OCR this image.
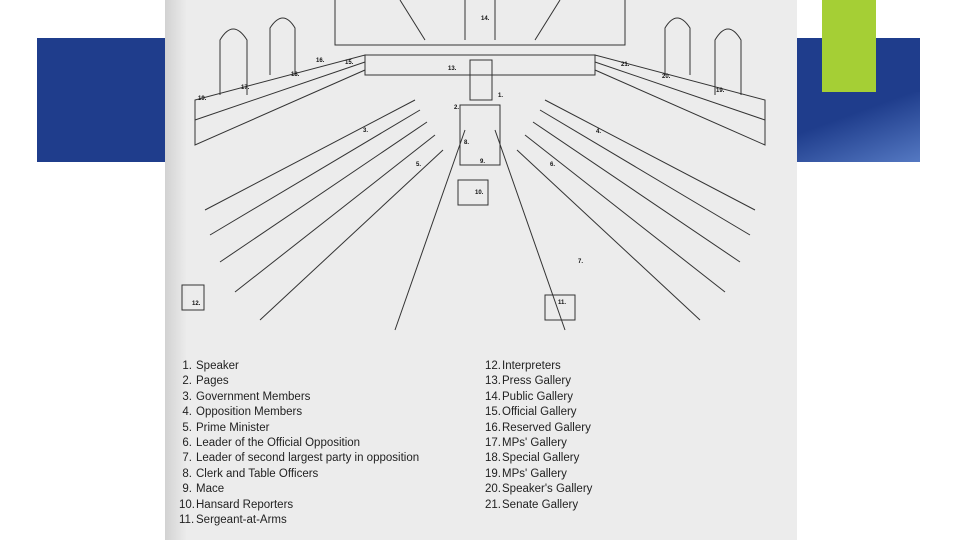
14.
13.
15.
16.
18.
17.
19.
21.
20.
19.
1.
2.
3.	4.
5.	6.
8.
9.
10.
7.
11.
12.
1. Speaker
2. Pages
3. Government Members
4. Opposition Members
5. Prime Minister
6. Leader of the Official Opposition
7. Leader of second largest party in opposition
8. Clerk and Table Officers
9. Mace
10.Hansard Reporters
11. Sergeant-at-Arms
12.Interpreters
13.Press Gallery
14.Public Gallery
15.Official Gallery
16.Reserved Gallery
17.MPs' Gallery
18.Special Gallery
19.MPs' Gallery
20.Speaker's Gallery
21.Senate Gallery
